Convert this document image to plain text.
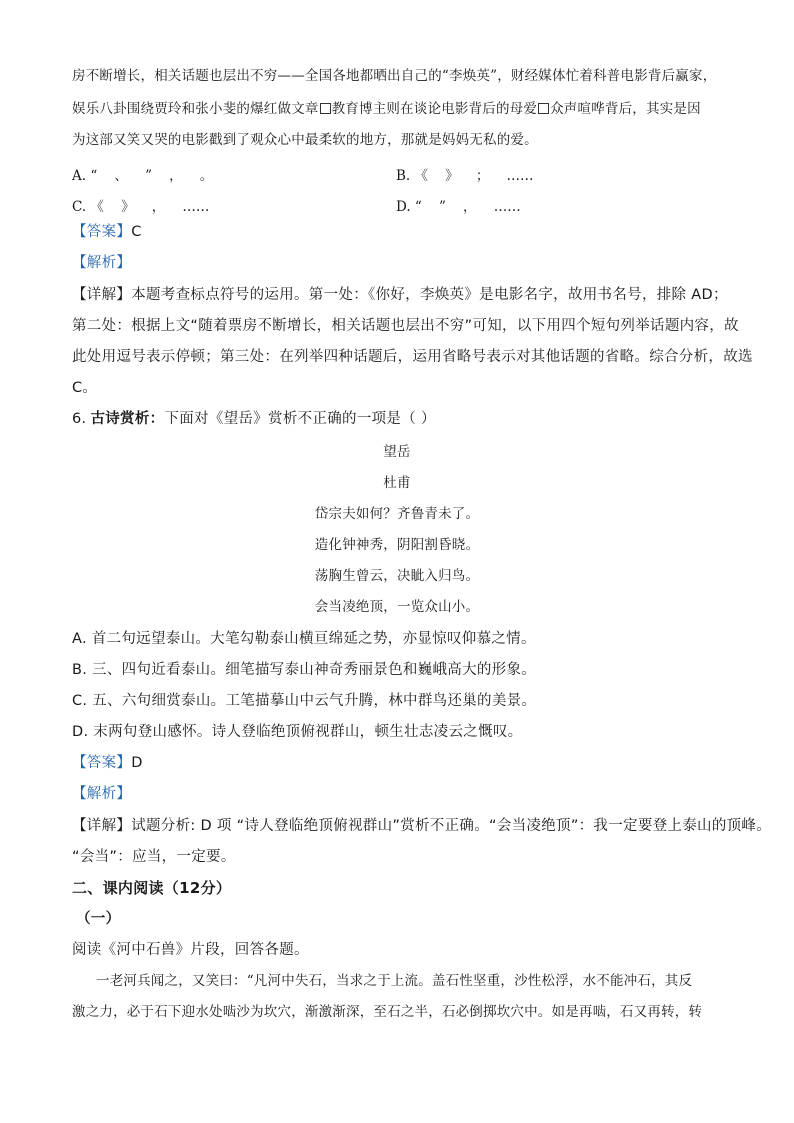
房不断增长，相关话题也层出不穷——全国各地都晒出自己的“李焕英”，财经媒体忙着科普电影背后赢家，
娱乐八卦围绕贾玲和张小斐的爆红做文章 教育博主则在谈论电影背后的母爱 众声喧哗背后，其实是因
为这部又笑又哭的电影戳到了观众心中最柔软的地方，那就是妈妈无私的爱。
A. “    、    ”    ，    。	B. 《    》    ；    ……
C. 《    》    ，    ……	D. “    ”    ，    ……
【答案】C
【解析】
【详解】本题考查标点符号的运用。第一处：《你好，李焕英》是电影名字，故用书名号，排除 AD；
第二处：根据上文“随着票房不断增长，相关话题也层出不穷”可知，以下用四个短句列举话题内容，故
此处用逗号表示停顿；第三处：在列举四种话题后，运用省略号表示对其他话题的省略。综合分析，故选
C。
6. 古诗赏析：下面对《望岳》赏析不正确的一项是（ ）
望岳
杜甫
岱宗夫如何？齐鲁青未了。
造化钟神秀，阴阳割昏晓。
荡胸生曾云，决眦入归鸟。
会当凌绝顶，一览众山小。
A. 首二句远望泰山。大笔勾勒泰山横亘绵延之势，亦显惊叹仰慕之情。
B. 三、四句近看泰山。细笔描写泰山神奇秀丽景色和巍峨高大的形象。
C. 五、六句细赏泰山。工笔描摹山中云气升腾，林中群鸟还巢的美景。
D. 末两句登山感怀。诗人登临绝顶俯视群山，顿生壮志凌云之慨叹。
【答案】D
【解析】
【详解】试题分析: D 项 “诗人登临绝顶俯视群山”赏析不正确。“会当凌绝顶”：我一定要登上泰山的顶峰。
“会当”：应当，一定要。
二、课内阅读（12分）
（一）
阅读《河中石兽》片段，回答各题。
一老河兵闻之，又笑曰：“凡河中失石，当求之于上流。盖石性坚重，沙性松浮，水不能冲石，其反
激之力，必于石下迎水处啮沙为坎穴，渐激渐深，至石之半，石必倒掷坎穴中。如是再啮，石又再转，转
